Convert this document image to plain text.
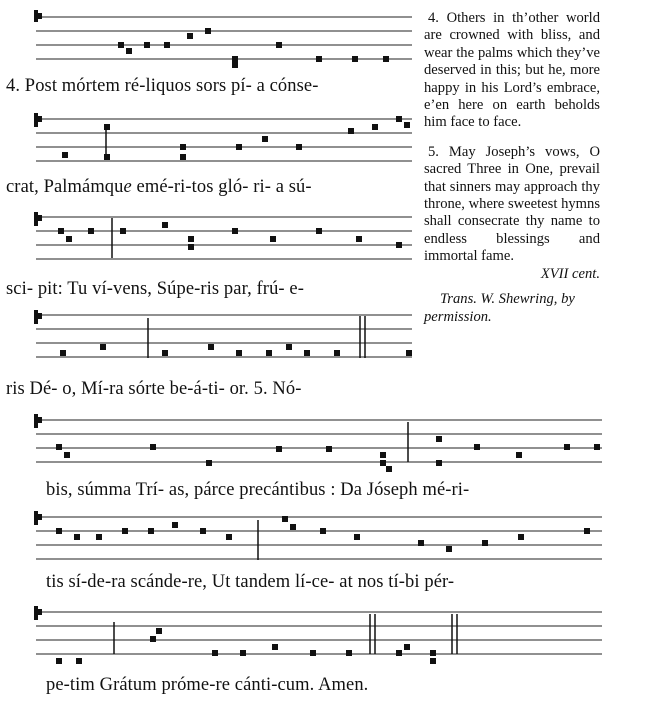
4. Post mórtem ré-liquos sors pí- a cónse-
crat, Palmámque emé-ri-tos gló- ri- a sú-
sci- pit: Tu ví-vens, Súpe-ris par, frú- e-
ris Dé- o, Mí-ra sórte be-á-ti- or. 5. Nó-
bis, súmma Trí- as, párce precántibus : Da Jóseph mé-ri-
tis sí-de-ra scánde-re, Ut tandem lí-ce- at nos tí-bi pér-
pe-tim Grátum próme-re cánti-cum. Amen.

4. Others in th’other world are crowned with bliss, and wear the palms which they’ve deserved in this; but he, more happy in his Lord’s embrace, e’en here on earth beholds him face to face.

5. May Joseph’s vows, O sacred Three in One, prevail that sinners may approach thy throne, where sweetest hymns shall consecrate thy name to endless blessings and immortal fame.

XVII cent.

Trans. W. Shewring, by permission.
